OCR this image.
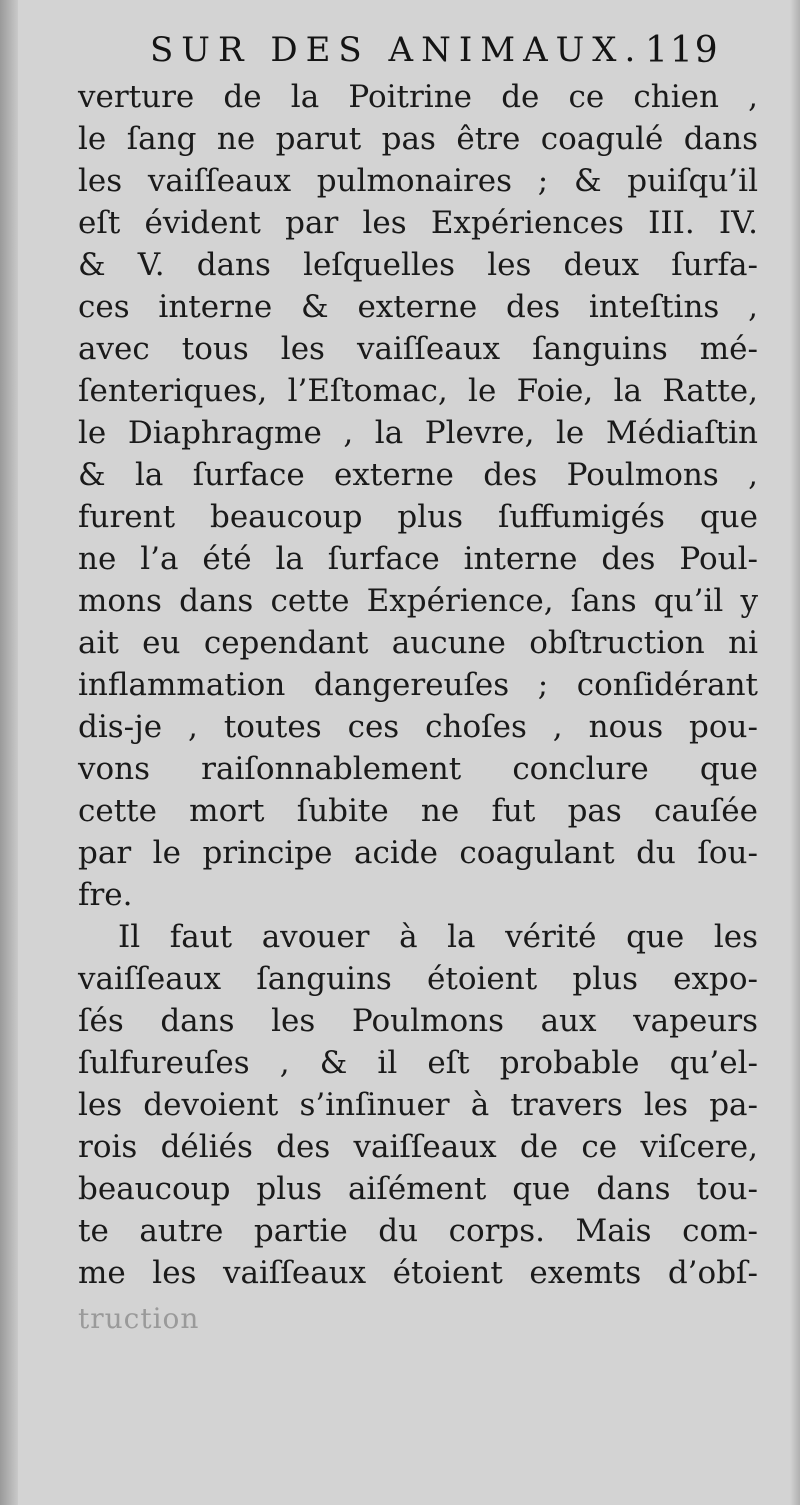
SUR DES ANIMAUX. 119
verture de la Poitrine de ce chien ,
le ſang ne parut pas être coagulé dans
les vaiſſeaux pulmonaires ; & puiſqu’il
eſt évident par les Expériences III. IV.
& V. dans leſquelles les deux ſurfa-
ces interne & externe des inteſtins ,
avec tous les vaiſſeaux ſanguins mé-
ſenteriques, l’Eſtomac, le Foie, la Ratte,
le Diaphragme , la Plevre, le Médiaſtin
& la ſurface externe des Poulmons ,
furent beaucoup plus ſuffumigés que
ne l’a été la ſurface interne des Poul-
mons dans cette Expérience, ſans qu’il y
ait eu cependant aucune obſtruction ni
inflammation dangereuſes ; conſidérant
dis-je , toutes ces choſes , nous pou-
vons raiſonnablement conclure que
cette mort ſubite ne fut pas cauſée
par le principe acide coagulant du ſou-
fre.
Il faut avouer à la vérité que les
vaiſſeaux ſanguins étoient plus expo-
ſés dans les Poulmons aux vapeurs
ſulfureuſes , & il eſt probable qu’el-
les devoient s’inſinuer à travers les pa-
rois déliés des vaiſſeaux de ce viſcere,
beaucoup plus aiſément que dans tou-
te autre partie du corps. Mais com-
me les vaiſſeaux étoient exemts d’obſ-
truction
